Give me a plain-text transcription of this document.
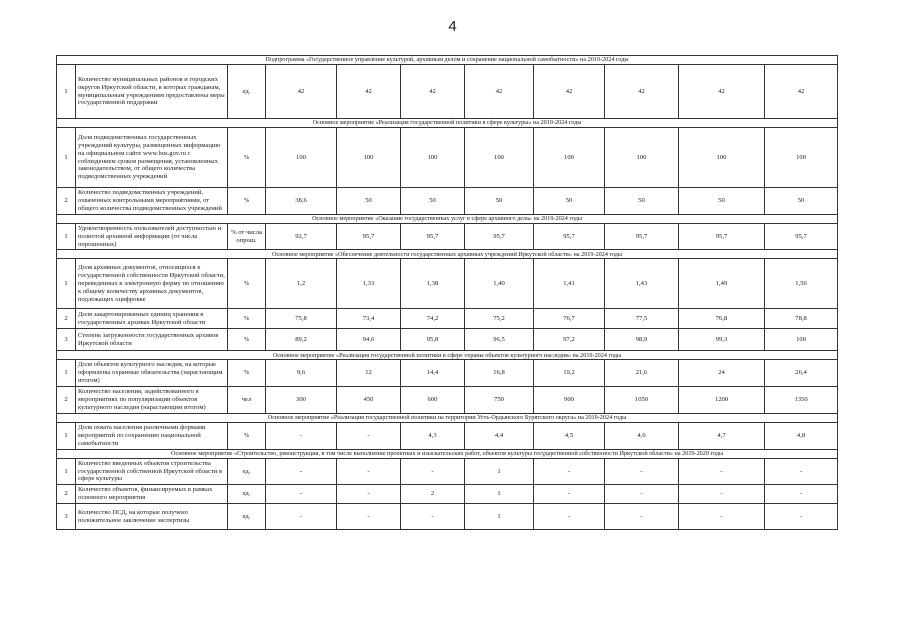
4
Подпрограмма «Государственное управление культурой, архивным делом и сохранение национальной самобытности» на 2019-2024 годы										
1	Количество муниципальных районов и городских округов Иркутской области, в которых гражданам, муниципальным учреждениям предоставлены меры государственной поддержки	ед.	42	42	42	42	42	42	42	42
Основное мероприятие «Реализация государственной политики в сфере культуры» на 2019-2024 годы										
1	Доля подведомственных государственных учреждений культуры, размещенных информацию на официальном сайте www.bus.gov.ru с соблюдением сроков размещения, установленных законодательством, от общего количества подведомственных учреждений	%	100	100	100	100	100	100	100	100
2	Количество подведомственных учреждений, охваченных контрольными мероприятиями, от общего количества подведомственных учреждений	%	38,6	50	50	50	50	50	50	50
Основное мероприятие «Оказание государственных услуг в сфере архивного дела» на 2019-2024 годы										
1	Удовлетворенность пользователей доступностью и полнотой архивной информации (от числа опрошенных)	% от числа опрош.	92,7	95,7	95,7	95,7	95,7	95,7	95,7	95,7
Основное мероприятие «Обеспечение деятельности государственных архивных учреждений Иркутской области» на 2019-2024 годы										
1	Доля архивных документов, относящихся к государственной собственности Иркутской области, переведенных в электронную форму по отношению к общему количеству архивных документов, подлежащих оцифровке	%	1,2	1,33	1,38	1,40	1,41	1,43	1,49	1,56
2	Доля закартонированных единиц хранения в государственных архивах Иркутской области	%	75,8	73,4	74,2	75,2	76,7	77,5	76,8	78,8
3	Степень загруженности государственных архивов Иркутской области	%	89,2	94,6	95,8	96,5	97,2	98,0	99,3	100
Основное мероприятие «Реализация государственной политики в сфере охраны объектов культурного наследия» на 2019-2024 годы										
1	Доля объектов культурного наследия, на которые оформлены охранные обязательства (нарастающим итогом)	%	9,6	12	14,4	16,8	19,2	21,6	24	26,4
2	Количество населения, задействованного в мероприятиях по популяризации объектов культурного наследия (нарастающим итогом)	чел	300	450	600	750	900	1050	1200	1350
Основное мероприятие «Реализация государственной политики на территории Усть-Ордынского Бурятского округа» на 2019-2024 годы										
1	Доля охвата населения различными формами мероприятий по сохранению национальной самобытности	%	-	-	4,3	4,4	4,5	4,6	4,7	4,8
Основное мероприятие «Строительство, реконструкция, в том числе выполнение проектных и изыскательских работ, объектов культуры государственной собственности Иркутской области» на 2019-2020 годы										
1	Количество введенных объектов строительства государственной собственной Иркутской области в сфере культуры	ед.	-	-	-	1	-	-	-	-
2	Количество объектов, финансируемых в рамках основного мероприятия	ед.	-	-	2	1	-	-	-	-
3	Количество ПСД, на которые получено положительное заключение экспертизы	ед.	-	-	-	1	-	-	-	-
